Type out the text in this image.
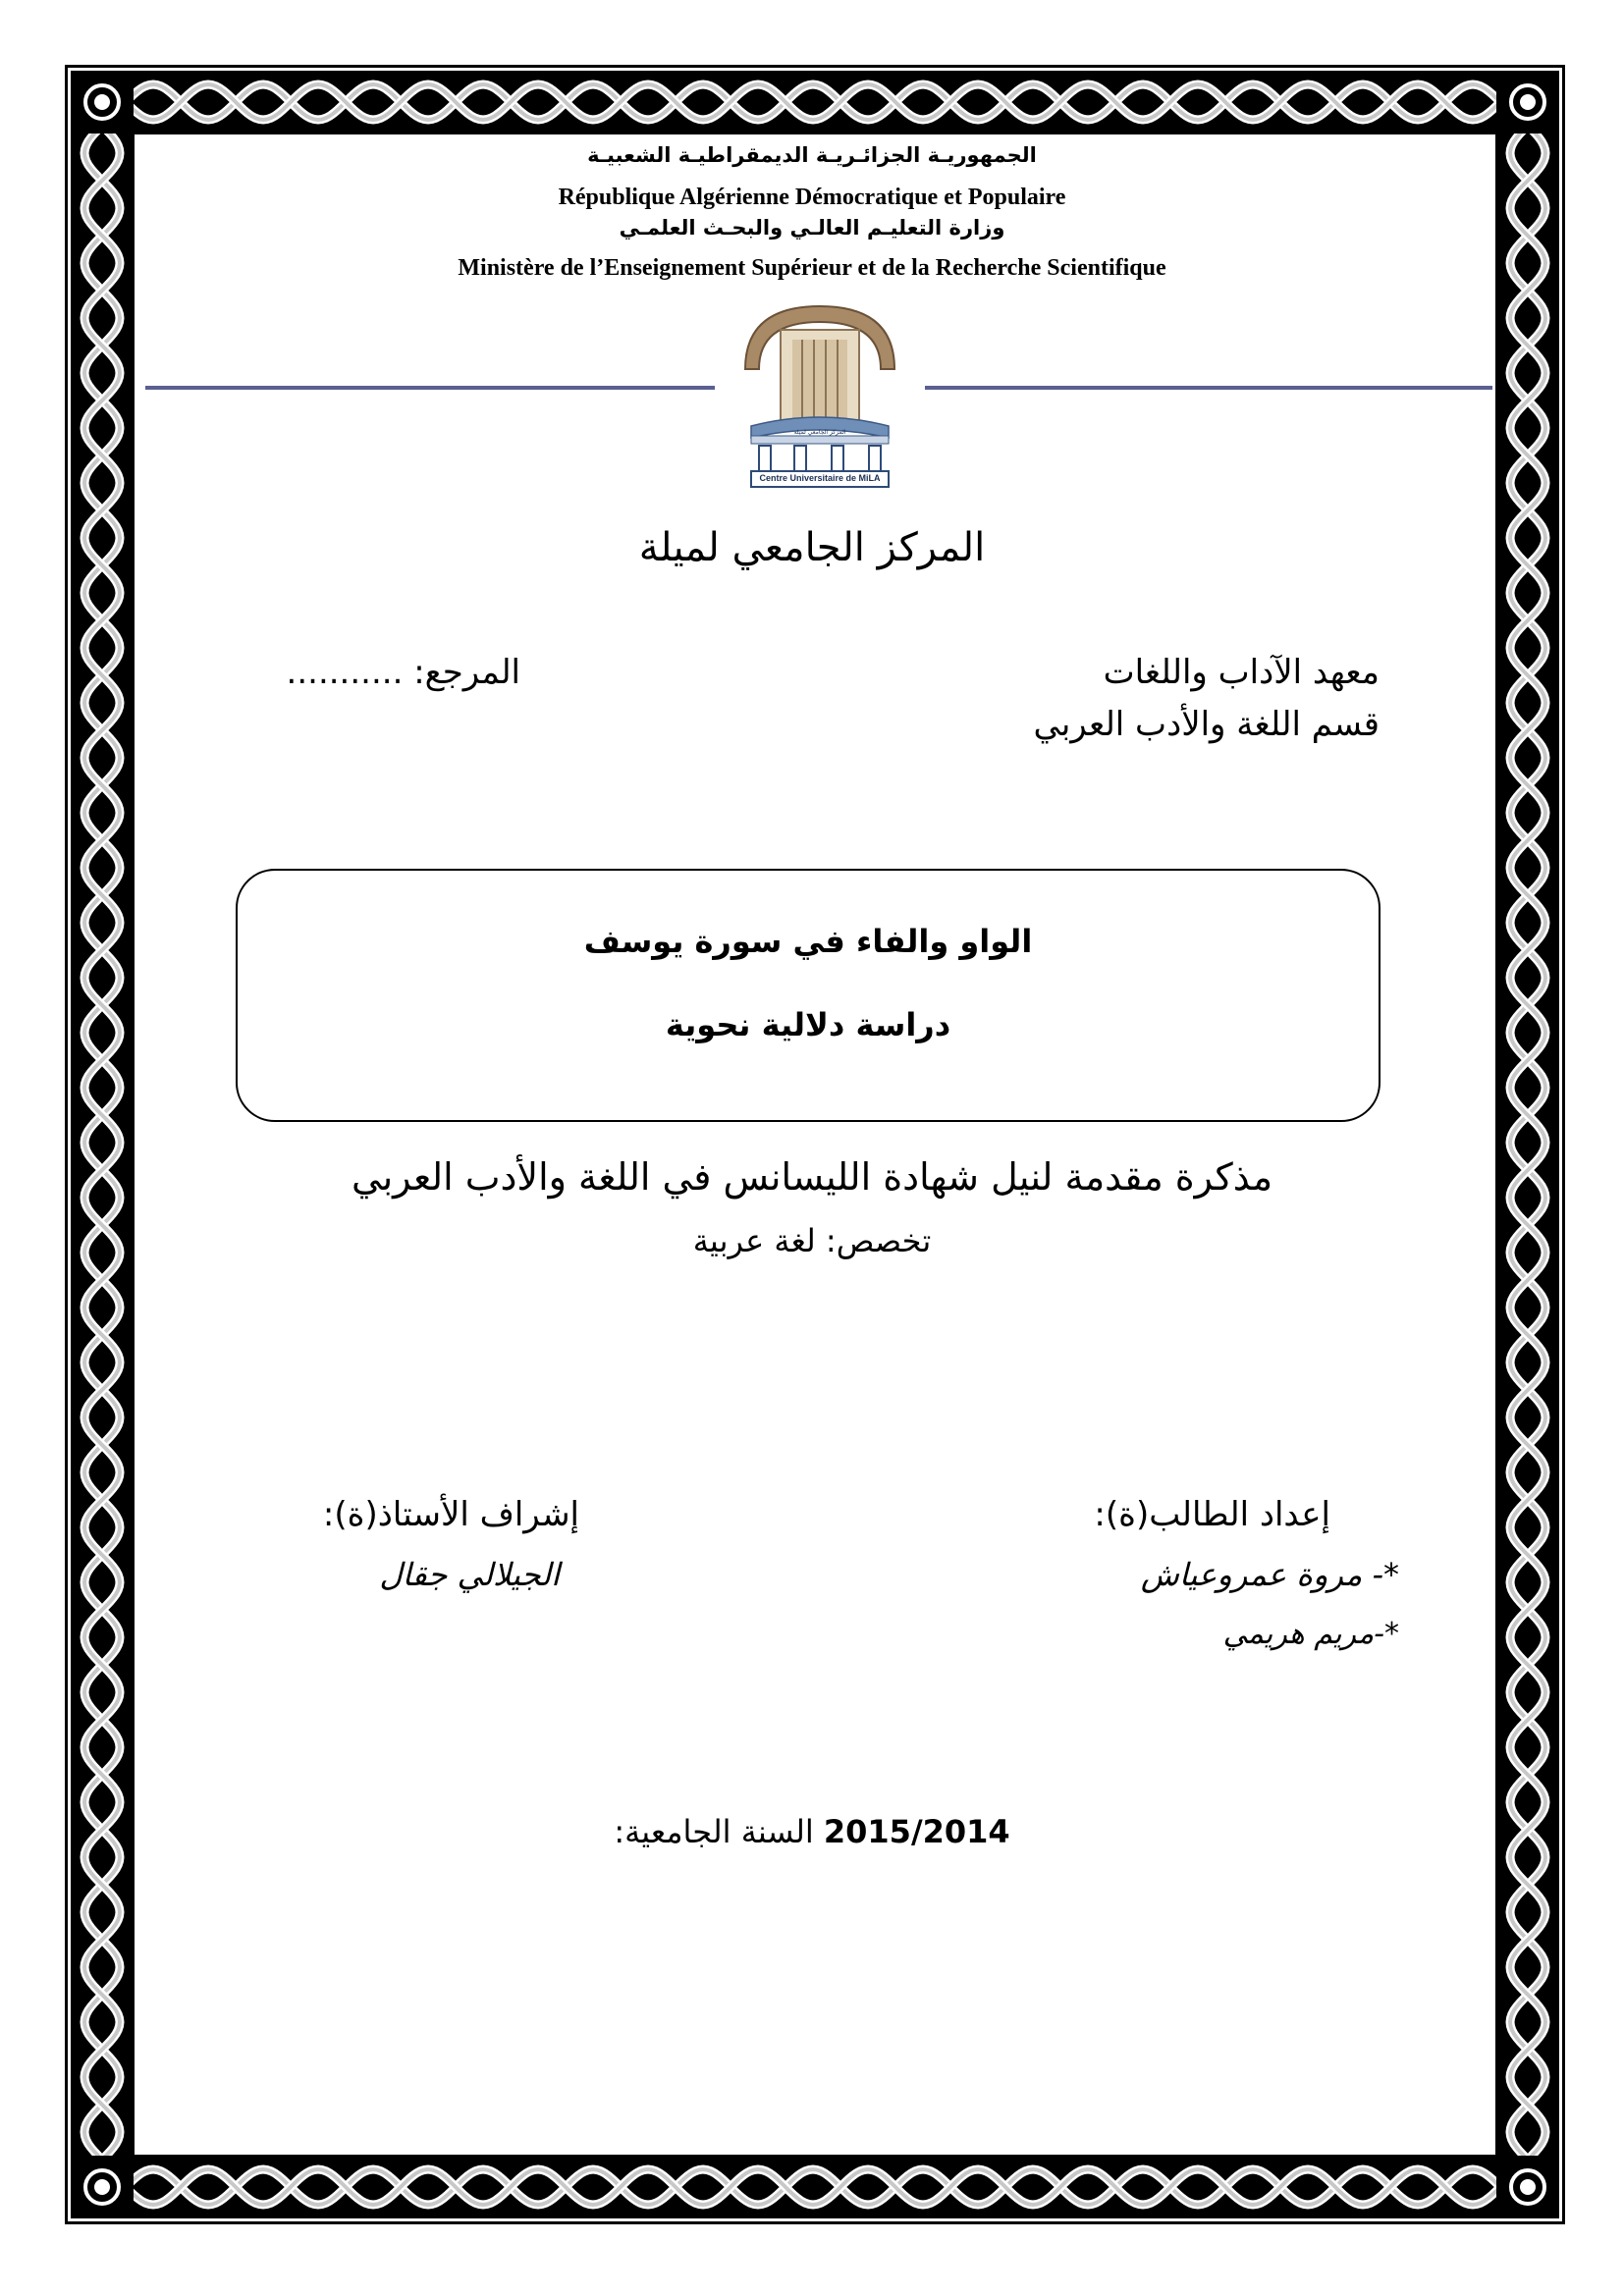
الجمهوريـة الجزائـريـة الديمقراطيـة الشعبيـة
République Algérienne Démocratique et Populaire
وزارة التعليـم العالـي والبحـث العلمـي
Ministère de l’Enseignement Supérieur et de la Recherche Scientifique
المركز الجامعي لميلة
Centre Universitaire de MiLA
المركز الجامعي لميلة
معهد الآداب واللغات
قسم اللغة والأدب العربي
المرجع: ...........
الواو والفاء في سورة يوسف
دراسة دلالية نحوية
مذكرة مقدمة لنيل شهادة الليسانس في اللغة والأدب العربي
تخصص: لغة عربية
إعداد الطالب(ة):
*- مروة عمروعياش
*-مريم هريمي
إشراف الأستاذ(ة):
الجيلالي جقال
السنة الجامعية: 2015/2014
